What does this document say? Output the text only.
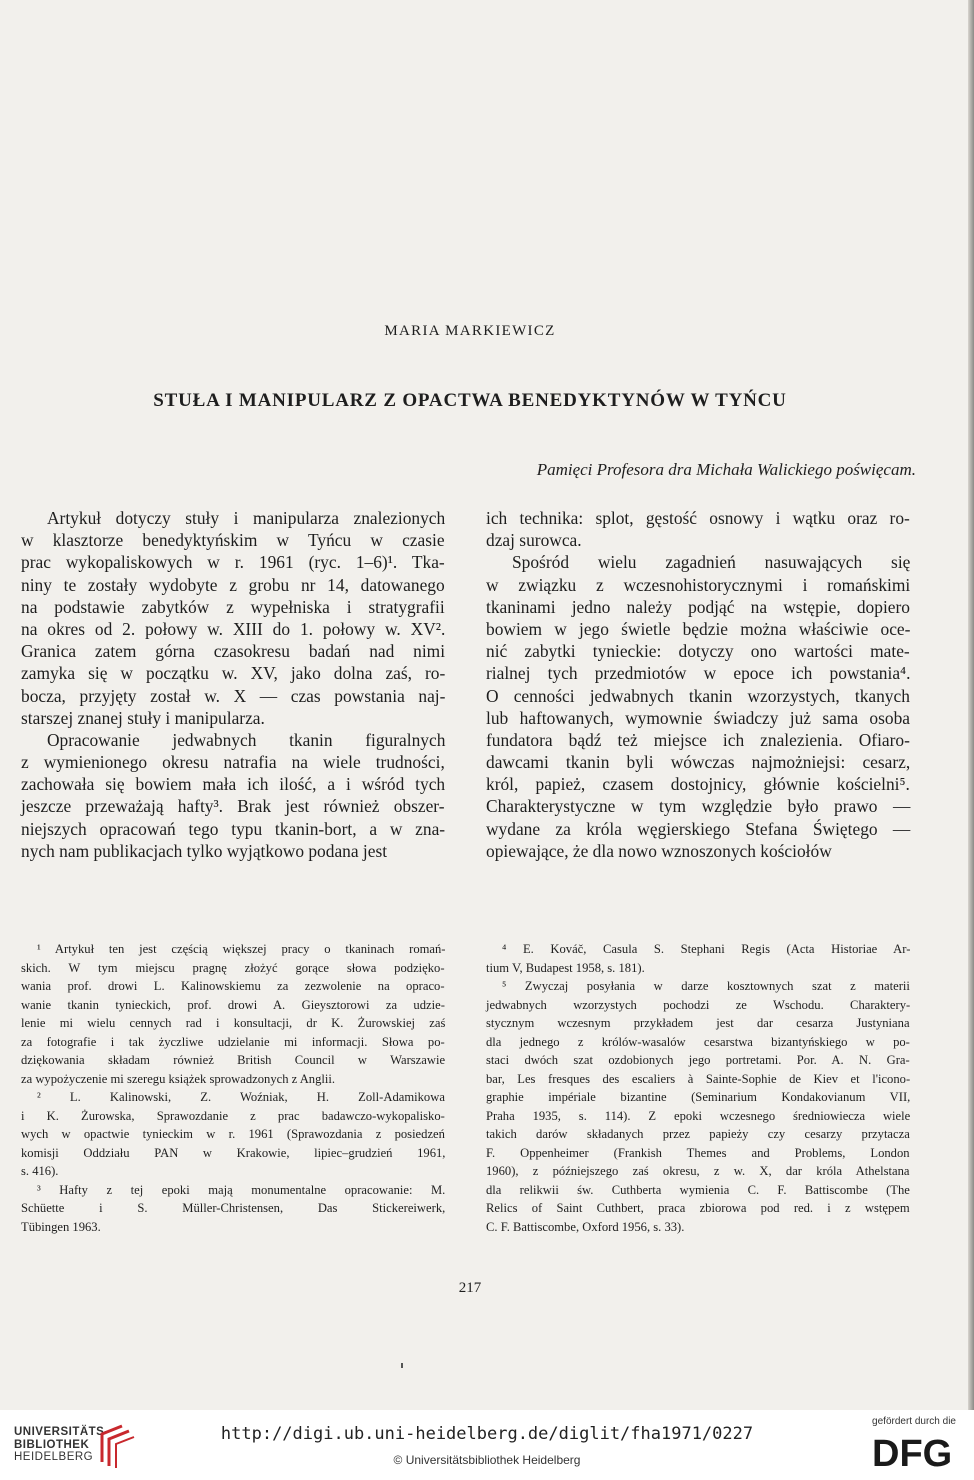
MARIA MARKIEWICZ
STUŁA I MANIPULARZ Z OPACTWA BENEDYKTYNÓW W TYŃCU
Pamięci Profesora dra Michała Walickiego poświęcam.
Artykuł dotyczy stuły i manipularza znalezionych
w klasztorze benedyktyńskim w Tyńcu w czasie
prac wykopaliskowych w r. 1961 (ryc. 1–6)¹. Tka-
niny te zostały wydobyte z grobu nr 14, datowanego
na podstawie zabytków z wypełniska i stratygrafii
na okres od 2. połowy w. XIII do 1. połowy w. XV².
Granica zatem górna czasokresu badań nad nimi
zamyka się w początku w. XV, jako dolna zaś, ro-
bocza, przyjęty został w. X — czas powstania naj-
starszej znanej stuły i manipularza.
Opracowanie jedwabnych tkanin figuralnych
z wymienionego okresu natrafia na wiele trudności,
zachowała się bowiem mała ich ilość, a i wśród tych
jeszcze przeważają hafty³. Brak jest również obszer-
niejszych opracowań tego typu tkanin-bort, a w zna-
nych nam publikacjach tylko wyjątkowo podana jest
ich technika: splot, gęstość osnowy i wątku oraz ro-
dzaj surowca.
Spośród wielu zagadnień nasuwających się
w związku z wczesnohistorycznymi i romańskimi
tkaninami jedno należy podjąć na wstępie, dopiero
bowiem w jego świetle będzie można właściwie oce-
nić zabytki tynieckie: dotyczy ono wartości mate-
rialnej tych przedmiotów w epoce ich powstania⁴.
O cenności jedwabnych tkanin wzorzystych, tkanych
lub haftowanych, wymownie świadczy już sama osoba
fundatora bądź też miejsce ich znalezienia. Ofiaro-
dawcami tkanin byli wówczas najmożniejsi: cesarz,
król, papież, czasem dostojnicy, głównie kościelni⁵.
Charakterystyczne w tym względzie było prawo —
wydane za króla węgierskiego Stefana Świętego —
opiewające, że dla nowo wznoszonych kościołów
¹ Artykuł ten jest częścią większej pracy o tkaninach romań-
skich. W tym miejscu pragnę złożyć gorące słowa podzięko-
wania prof. drowi L. Kalinowskiemu za zezwolenie na opraco-
wanie tkanin tynieckich, prof. drowi A. Gieysztorowi za udzie-
lenie mi wielu cennych rad i konsultacji, dr K. Żurowskiej zaś
za fotografie i tak życzliwe udzielanie mi informacji. Słowa po-
dziękowania składam również British Council w Warszawie
za wypożyczenie mi szeregu książek sprowadzonych z Anglii.
² L. Kalinowski, Z. Woźniak, H. Zoll-Adamikowa
i K. Żurowska, Sprawozdanie z prac badawczo-wykopalisko-
wych w opactwie tynieckim w r. 1961 (Sprawozdania z posiedzeń
komisji Oddziału PAN w Krakowie, lipiec–grudzień 1961,
s. 416).
³ Hafty z tej epoki mają monumentalne opracowanie: M.
Schüette i S. Müller-Christensen, Das Stickereiwerk,
Tübingen 1963.
⁴ E. Kováč, Casula S. Stephani Regis (Acta Historiae Ar-
tium V, Budapest 1958, s. 181).
⁵ Zwyczaj posyłania w darze kosztownych szat z materii
jedwabnych wzorzystych pochodzi ze Wschodu. Charaktery-
stycznym wczesnym przykładem jest dar cesarza Justyniana
dla jednego z królów-wasalów cesarstwa bizantyńskiego w po-
staci dwóch szat ozdobionych jego portretami. Por. A. N. Gra-
bar, Les fresques des escaliers à Sainte-Sophie de Kiev et l'icono-
graphie impériale bizantine (Seminarium Kondakovianum VII,
Praha 1935, s. 114). Z epoki wczesnego średniowiecza wiele
takich darów składanych przez papieży czy cesarzy przytacza
F. Oppenheimer (Frankish Themes and Problems, London
1960), z późniejszego zaś okresu, z w. X, dar króla Athelstana
dla relikwii św. Cuthberta wymienia C. F. Battiscombe (The
Relics of Saint Cuthbert, praca zbiorowa pod red. i z wstępem
C. F. Battiscombe, Oxford 1956, s. 33).
217
UNIVERSITÄTS-
BIBLIOTHEK
HEIDELBERG
http://digi.ub.uni-heidelberg.de/diglit/fha1971/0227
© Universitätsbibliothek Heidelberg
gefördert durch die
DFG
